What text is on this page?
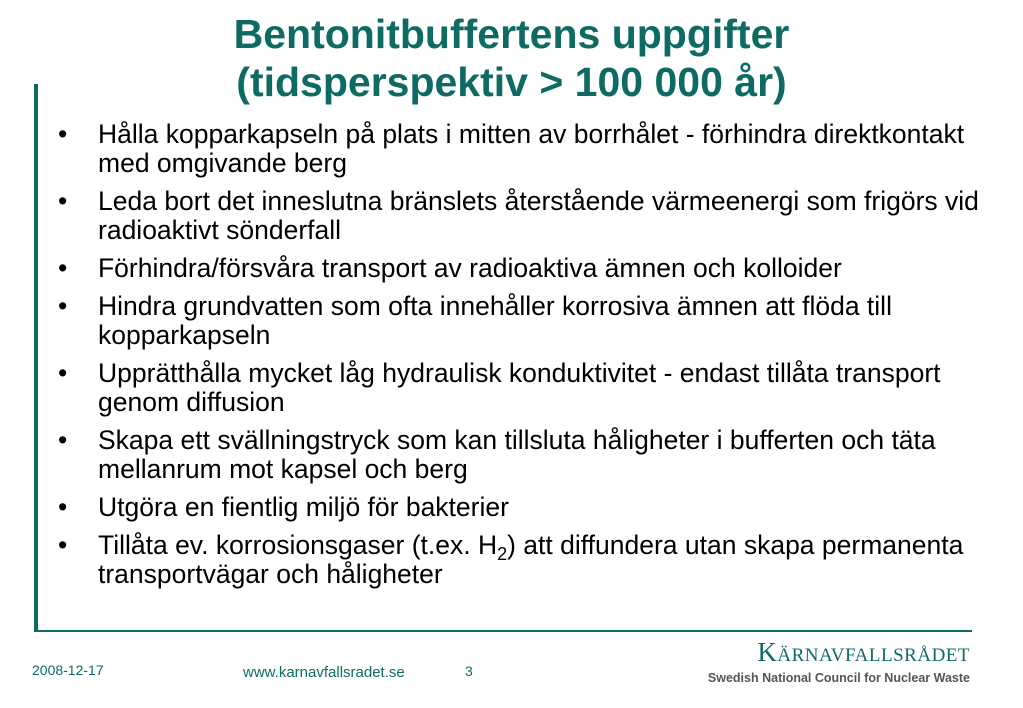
Bentonitbuffertens uppgifter
(tidsperspektiv > 100 000 år)
• Hålla kopparkapseln på plats i mitten av borrhålet - förhindra direktkontakt med omgivande berg
• Leda bort det inneslutna bränslets återstående värmeenergi som frigörs vid radioaktivt sönderfall
• Förhindra/försvåra transport av radioaktiva ämnen och kolloider
• Hindra grundvatten som ofta innehåller korrosiva ämnen att flöda till kopparkapseln
• Upprätthålla mycket låg hydraulisk konduktivitet - endast tillåta transport genom diffusion
• Skapa ett svällningstryck som kan tillsluta håligheter i bufferten och täta mellanrum mot kapsel och berg
• Utgöra en fientlig miljö för bakterier
• Tillåta ev. korrosionsgaser (t.ex. $H_2$) att diffundera utan skapa permanenta transportvägar och håligheter
2008-12-17	www.karnavfallsradet.se	3
Kärnavfallsrådet
Swedish National Council for Nuclear Waste
